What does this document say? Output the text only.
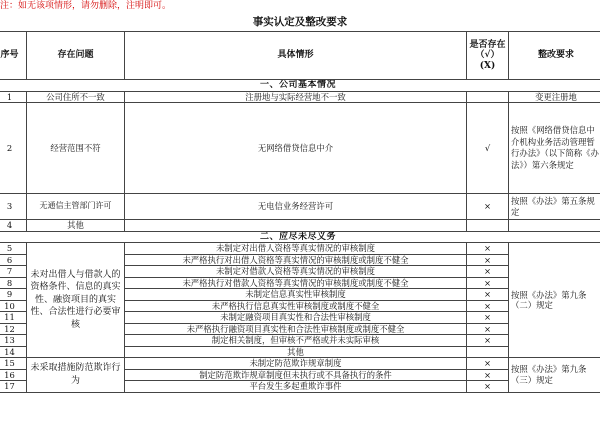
注：如无该项情形，请勿删除，注明即可。
事实认定及整改要求
序号	存在问题	具体情形	是否存在（√）(X)	整改要求
一、公司基本情况				
1	公司住所不一致	注册地与实际经营地不一致		变更注册地
2	经营范围不符	无网络借贷信息中介	√	按照《网络借贷信息中介机构业务活动管理暂行办法》（以下简称《办法》）第六条规定
3	无通信主管部门许可	无电信业务经营许可	×	按照《办法》第五条规定
4	其他			
二、应尽未尽义务				
5	未对出借人与借款人的资格条件、信息的真实性、融资项目的真实性、合法性进行必要审核	未制定对出借人资格等真实情况的审核制度	×	按照《办法》第九条（二）规定
6		未严格执行对出借人资格等真实情况的审核制度或制度不健全	×	
7		未制定对借款人资格等真实情况的审核制度	×	
8		未严格执行对借款人资格等真实情况的审核制度或制度不健全	×	
9		未制定信息真实性审核制度	×	
10		未严格执行信息真实性审核制度或制度不健全	×	
11		未制定融资项目真实性和合法性审核制度	×	
12		未严格执行融资项目真实性和合法性审核制度或制度不健全	×	
13		制定相关制度，但审核不严格或并未实际审核	×	
14		其他		
15	未采取措施防范欺诈行为	未制定防范欺诈规章制度	×	按照《办法》第九条（三）规定
16		制定防范欺诈规章制度但未执行或不具备执行的条件	×	
17		平台发生多起重欺诈事件	×	
